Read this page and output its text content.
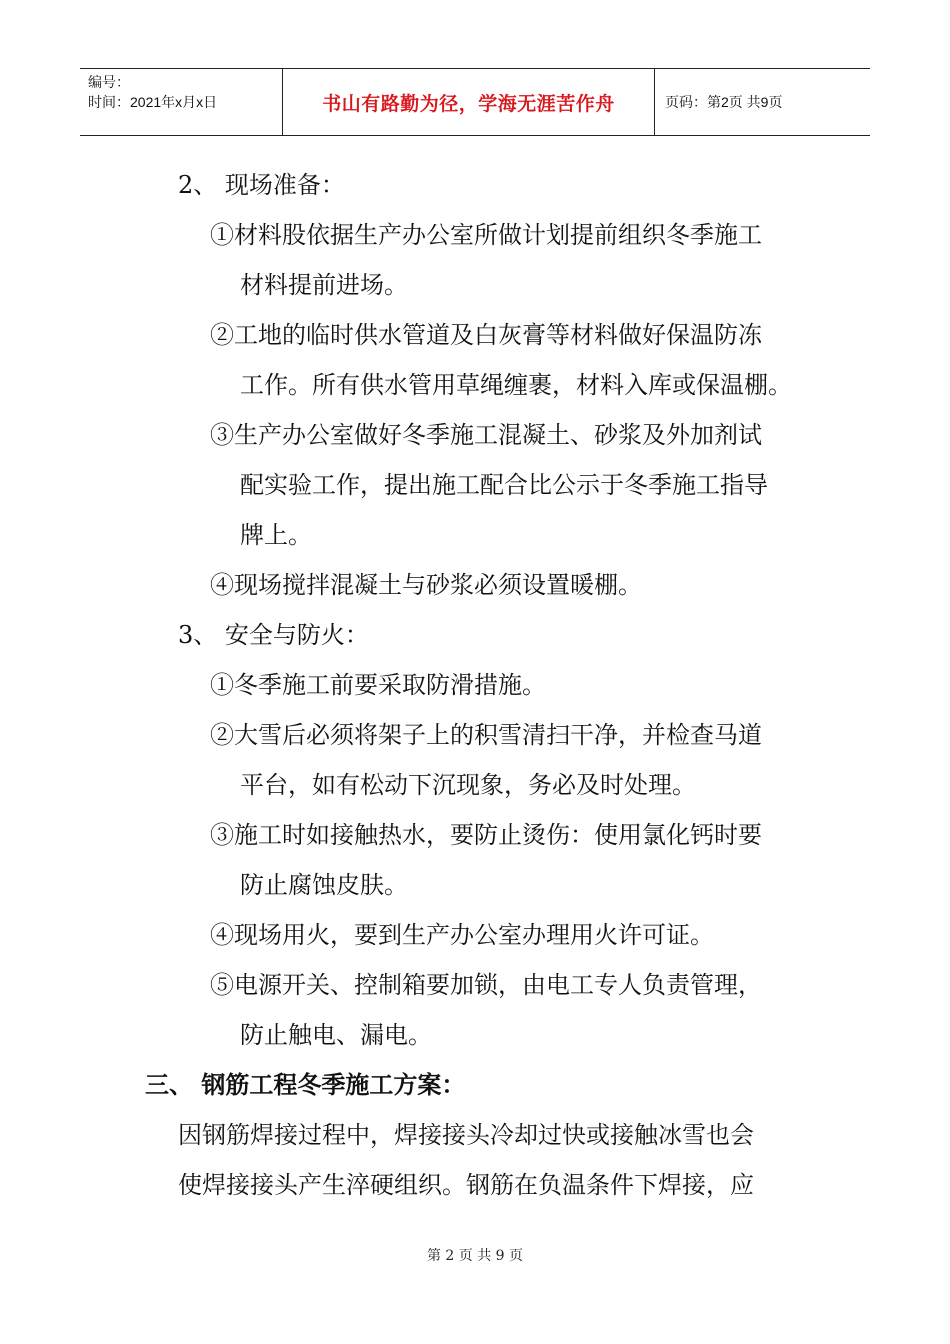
编号：
时间：2021年x月x日	书山有路勤为径，学海无涯苦作舟	页码：第2页 共9页
2、 现场准备：
①材料股依据生产办公室所做计划提前组织冬季施工
材料提前进场。
②工地的临时供水管道及白灰膏等材料做好保温防冻
工作。所有供水管用草绳缠裹，材料入库或保温棚。
③生产办公室做好冬季施工混凝土、砂浆及外加剂试
配实验工作，提出施工配合比公示于冬季施工指导
牌上。
④现场搅拌混凝土与砂浆必须设置暖棚。
3、 安全与防火：
①冬季施工前要采取防滑措施。
②大雪后必须将架子上的积雪清扫干净，并检查马道
平台，如有松动下沉现象，务必及时处理。
③施工时如接触热水，要防止烫伤：使用氯化钙时要
防止腐蚀皮肤。
④现场用火，要到生产办公室办理用火许可证。
⑤电源开关、控制箱要加锁，由电工专人负责管理，
防止触电、漏电。
三、 钢筋工程冬季施工方案：
因钢筋焊接过程中，焊接接头冷却过快或接触冰雪也会
使焊接接头产生淬硬组织。钢筋在负温条件下焊接，应
第 2 页 共 9 页
